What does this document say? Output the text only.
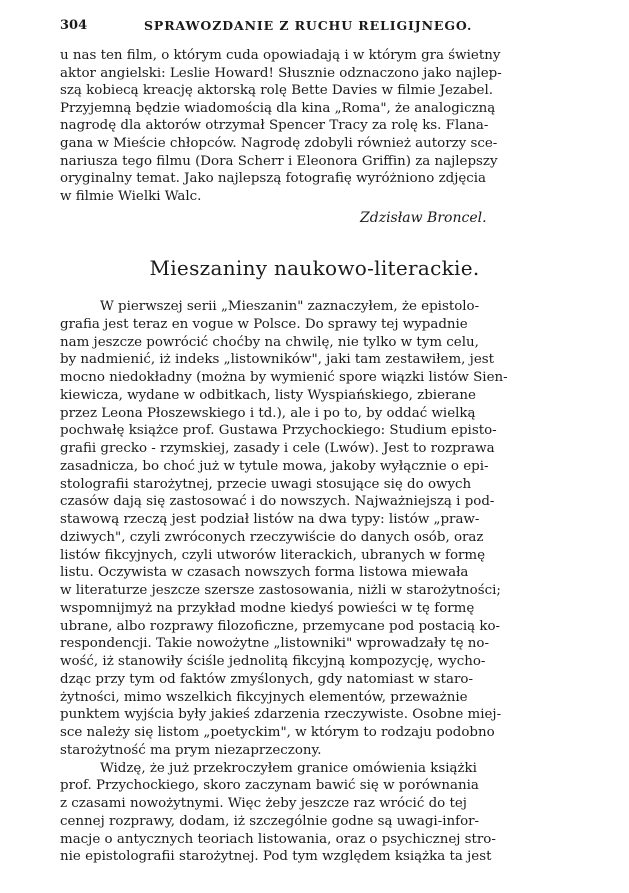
304	SPRAWOZDANIE Z RUCHU RELIGIJNEGO.
u nas ten film, o którym cuda opowiadają i w którym gra świetny
aktor angielski: Leslie Howard! Słusznie odznaczono jako najlep-
szą kobiecą kreację aktorską rolę Bette Davies w filmie Jezabel.
Przyjemną będzie wiadomością dla kina „Roma", że analogiczną
nagrodę dla aktorów otrzymał Spencer Tracy za rolę ks. Flana-
gana w Mieście chłopców. Nagrodę zdobyli również autorzy sce-
nariusza tego filmu (Dora Scherr i Eleonora Griffin) za najlepszy
oryginalny temat. Jako najlepszą fotografię wyróżniono zdjęcia
w filmie Wielki Walc.
Zdzisław Broncel.
Mieszaniny naukowo-literackie.
W pierwszej serii „Mieszanin" zaznaczyłem, że epistolo-
grafia jest teraz en vogue w Polsce. Do sprawy tej wypadnie
nam jeszcze powrócić choćby na chwilę, nie tylko w tym celu,
by nadmienić, iż indeks „listowników", jaki tam zestawiłem, jest
mocno niedokładny (można by wymienić spore wiązki listów Sien-
kiewicza, wydane w odbitkach, listy Wyspiańskiego, zbierane
przez Leona Płoszewskiego i td.), ale i po to, by oddać wielką
pochwałę książce prof. Gustawa Przychockiego: Studium episto-
grafii grecko - rzymskiej, zasady i cele (Lwów). Jest to rozprawa
zasadnicza, bo choć już w tytule mowa, jakoby wyłącznie o epi-
stolografii starożytnej, przecie uwagi stosujące się do owych
czasów dają się zastosować i do nowszych. Najważniejszą i pod-
stawową rzeczą jest podział listów na dwa typy: listów „praw-
dziwych", czyli zwróconych rzeczywiście do danych osób, oraz
listów fikcyjnych, czyli utworów literackich, ubranych w formę
listu. Oczywista w czasach nowszych forma listowa miewała
w literaturze jeszcze szersze zastosowania, niżli w starożytności;
wspomnijmyż na przykład modne kiedyś powieści w tę formę
ubrane, albo rozprawy filozoficzne, przemycane pod postacią ko-
respondencji. Takie nowożytne „listowniki" wprowadzały tę no-
wość, iż stanowiły ściśle jednolitą fikcyjną kompozycję, wycho-
dząc przy tym od faktów zmyślonych, gdy natomiast w staro-
żytności, mimo wszelkich fikcyjnych elementów, przeważnie
punktem wyjścia były jakieś zdarzenia rzeczywiste. Osobne miej-
sce należy się listom „poetyckim", w którym to rodzaju podobno
starożytność ma prym niezaprzeczony.
Widzę, że już przekroczyłem granice omówienia książki
prof. Przychockiego, skoro zaczynam bawić się w porównania
z czasami nowożytnymi. Więc żeby jeszcze raz wrócić do tej
cennej rozprawy, dodam, iż szczególnie godne są uwagi-infor-
macje o antycznych teoriach listowania, oraz o psychicznej stro-
nie epistolografii starożytnej. Pod tym względem książka ta jest
